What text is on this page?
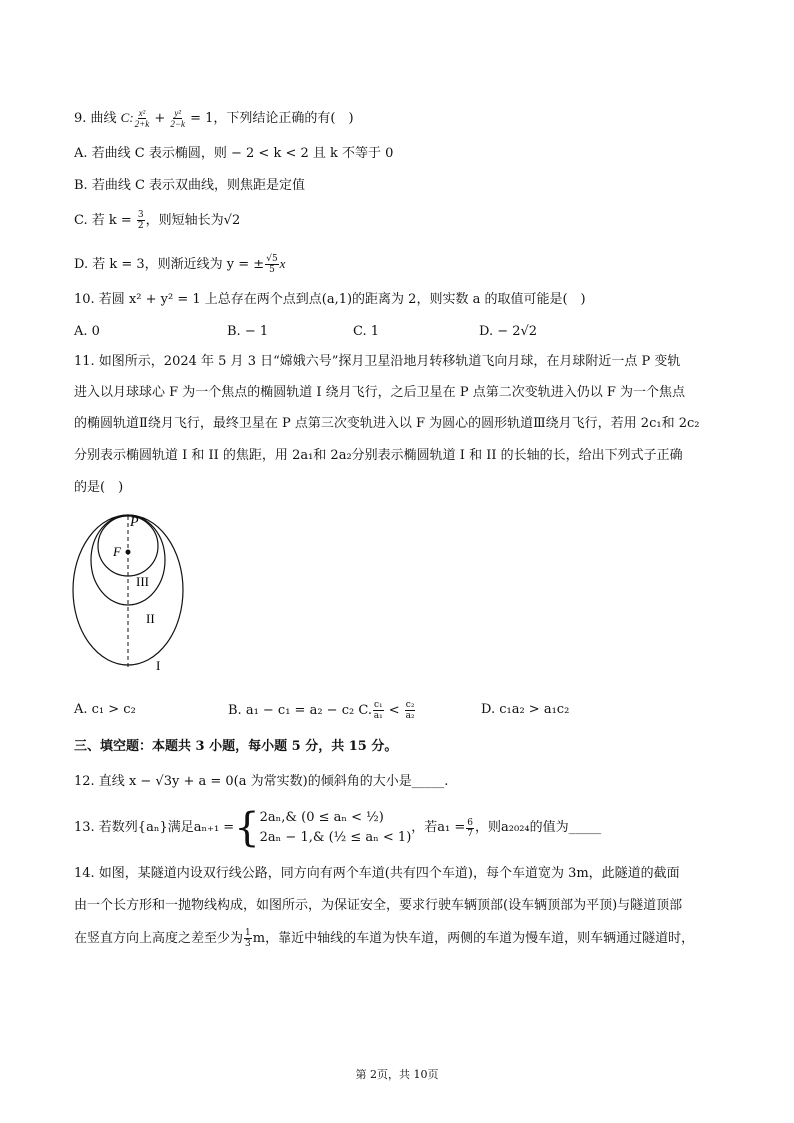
9. 曲线 C: $\frac{\text{x²}}{2+k} + \frac{\text{y²}}{2-k} = 1$，下列结论正确的有(　)
A. 若曲线 C 表示椭圆，则 − 2 < k < 2 且 k 不等于 0
B. 若曲线 C 表示双曲线，则焦距是定值
C. 若 $k = \frac{3}{2}$ ，则短轴长为√2
D. 若 k = 3，则渐近线为 y = ± $\frac{√5}{5}$ x
10. 若圆 x² + y² = 1 上总存在两个点到点(a,1)的距离为 2，则实数 a 的取值可能是(　)
A. 0	B. − 1	C. 1	D. − 2√2
11. 如图所示，2024 年 5 月 3 日“嫦娥六号”探月卫星沿地月转移轨道飞向月球，在月球附近一点 P 变轨
进入以月球球心 F 为一个焦点的椭圆轨道 I 绕月飞行，之后卫星在 P 点第二次变轨进入仍以 F 为一个焦点
的椭圆轨道Ⅱ绕月飞行，最终卫星在 P 点第三次变轨进入以 F 为圆心的圆形轨道Ⅲ绕月飞行，若用 2c₁和 2c₂
分别表示椭圆轨道 I 和 II 的焦距，用 2a₁和 2a₂分别表示椭圆轨道 I 和 II 的长轴的长，给出下列式子正确
的是(　)
P
F
III
II
I
A. c₁ > c₂	B. a₁ − c₁ = a₂ − c₂ C. $\frac{\text{c₁}}{\text{a₁}} < \frac{\text{c₂}}{\text{a₂}}$	D. c₁a₂ > a₁c₂
三、填空题：本题共 3 小题，每小题 5 分，共 15 分。
12. 直线 x − √3y + a = 0(a 为常实数)的倾斜角的大小是_____.
13. 若数列{aₙ}满足aₙ₊₁ = { 2aₙ,& (0 ≤ aₙ < ½)
2aₙ − 1,& (½ ≤ aₙ < 1)
，若$a_1 = \frac{6}{7}$ ，则a₂₀₂₄的值为_____
14. 如图，某隧道内设双行线公路，同方向有两个车道(共有四个车道)，每个车道宽为 3m，此隧道的截面
由一个长方形和一抛物线构成，如图所示，为保证安全，要求行驶车辆顶部(设车辆顶部为平顶)与隧道顶部
在竖直方向上高度之差至少为 $\frac{1}{3}$ m，靠近中轴线的车道为快车道，两侧的车道为慢车道，则车辆通过隧道时，
第 2页，共 10页
